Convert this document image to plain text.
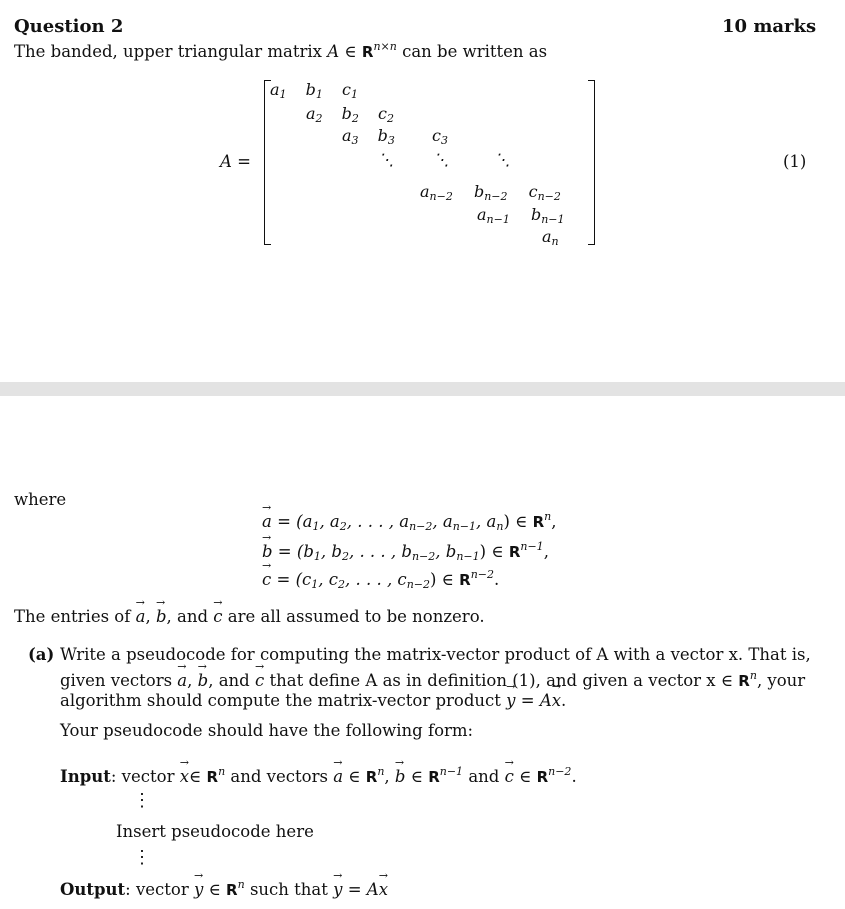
Question 2	10 marks
The banded, upper triangular matrix A ∈ $R^{n\times n}$ can be written as
A =
a1 b1 c1
a2 b2 c2
a3 b3 c3
⋱ ⋱	⋱
an−2 bn−2 cn−2
an−1 bn−1
an
(1)
where
→ $a = (a_1$, $a_2$, . . . , $a_{n-2}$, $a_{n-1}$, $a_n$) ∈ $R^n$,
→ $b = (b_1$, $b_2$, . . . , $b_{n-2}$, $b_{n-1}$) ∈ $R^{n-1}$,
→ $c = (c_1$, $c_2$, . . . , $c_{n-2}$) ∈ $R^{n-2}$.
The entries of → a, → b, and → c are all assumed to be nonzero.
(a) Write a pseudocode for computing the matrix-vector product of A with a vector x. That is,
given vectors → a, → b, and → c that define A as in definition (1), and given a vector x ∈ $R^n$, your
algorithm should compute the matrix-vector product → y = A→ x.
Your pseudocode should have the following form:
Input: vector → x∈ $R^n$ and vectors → a ∈ $R^n$, → b ∈ $R^{n-1}$ and → c ∈ $R^{n-2}$.
⋮
Insert pseudocode here
⋮
Output: vector → y ∈ $R^n$ such that → y = A→ x
